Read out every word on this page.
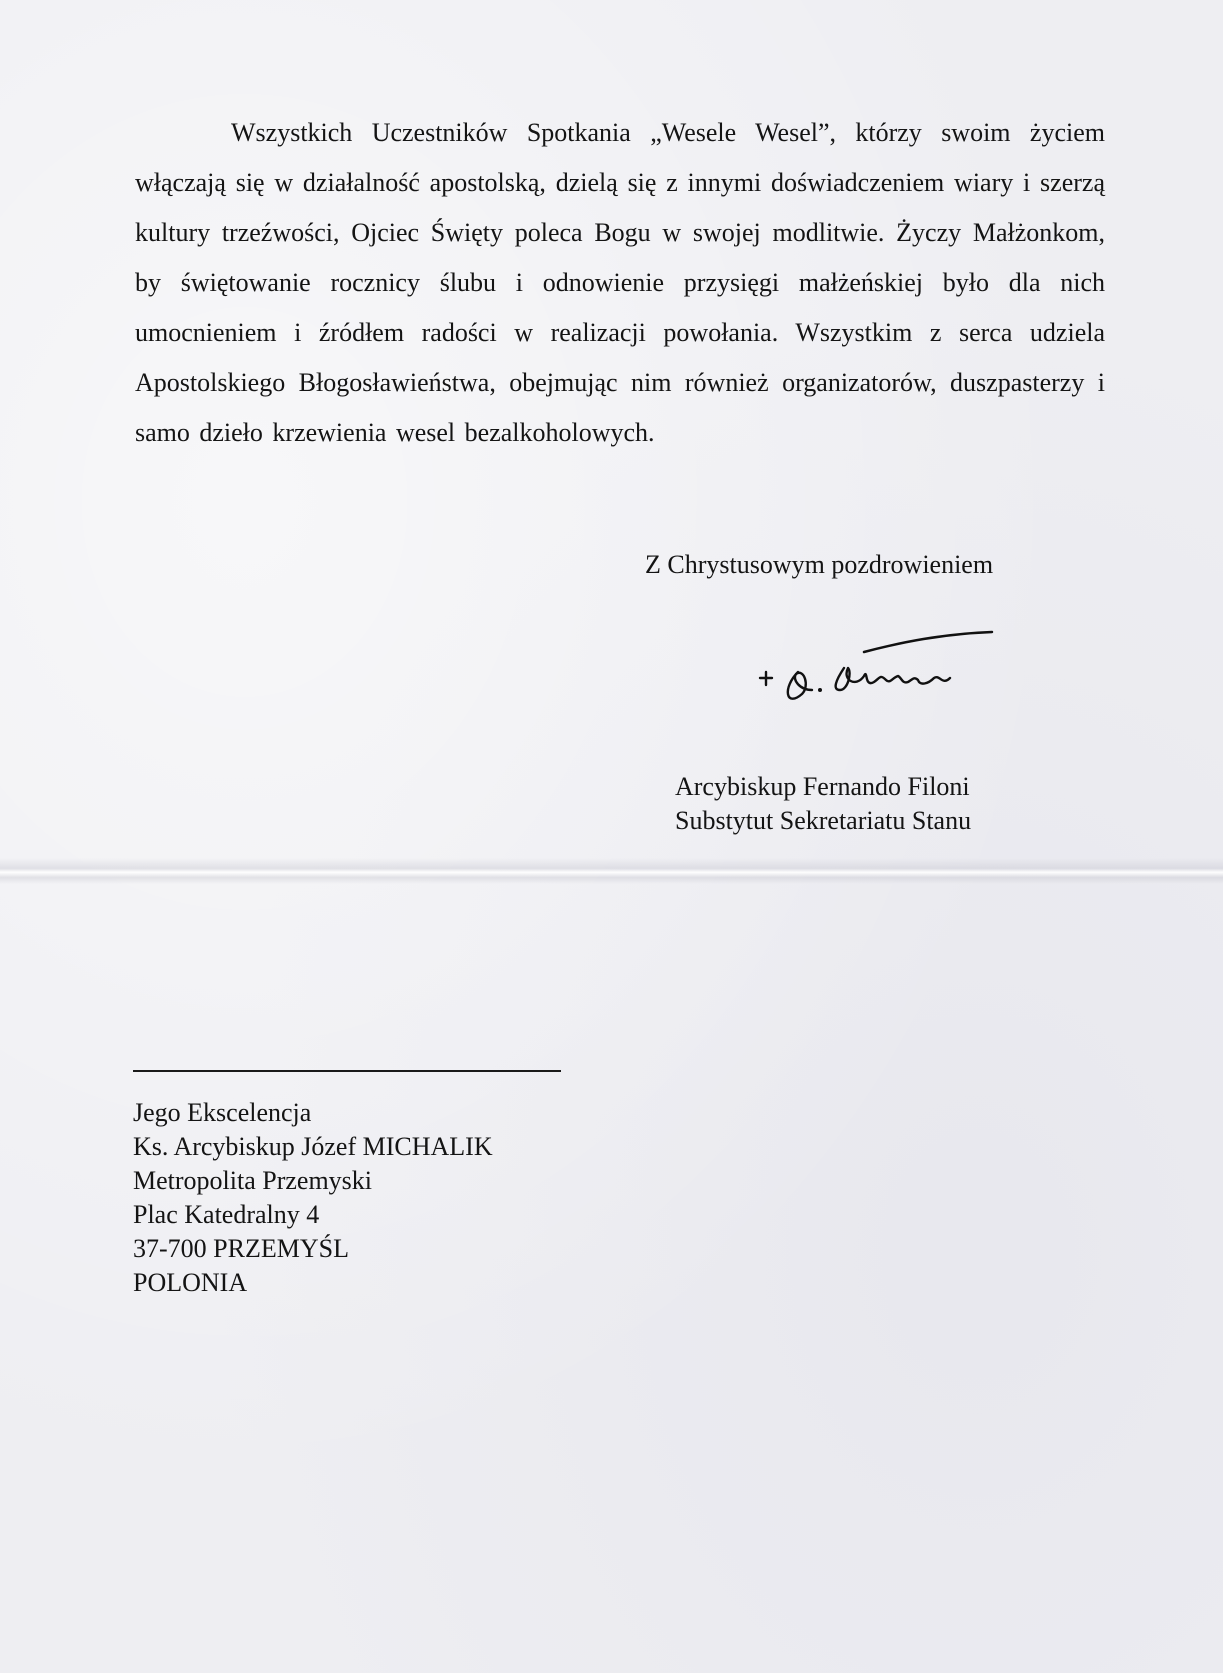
Wszystkich Uczestników Spotkania „Wesele Wesel”, którzy swoim życiem włączają się w działalność apostolską, dzielą się z innymi doświadczeniem wiary i szerzą kultury trzeźwości, Ojciec Święty poleca Bogu w swojej modlitwie. Życzy Małżonkom, by świętowanie rocznicy ślubu i odnowienie przysięgi małżeńskiej było dla nich umocnieniem i źródłem radości w realizacji powołania. Wszystkim z serca udziela Apostolskiego Błogosławieństwa, obejmując nim również organizatorów, duszpasterzy i samo dzieło krzewienia wesel bezalkoholowych.

Z Chrystusowym pozdrowieniem

Arcybiskup Fernando Filoni
Substytut Sekretariatu Stanu
Jego Ekscelencja
Ks. Arcybiskup Józef MICHALIK
Metropolita Przemyski
Plac Katedralny 4
37-700 PRZEMYŚL
POLONIA
